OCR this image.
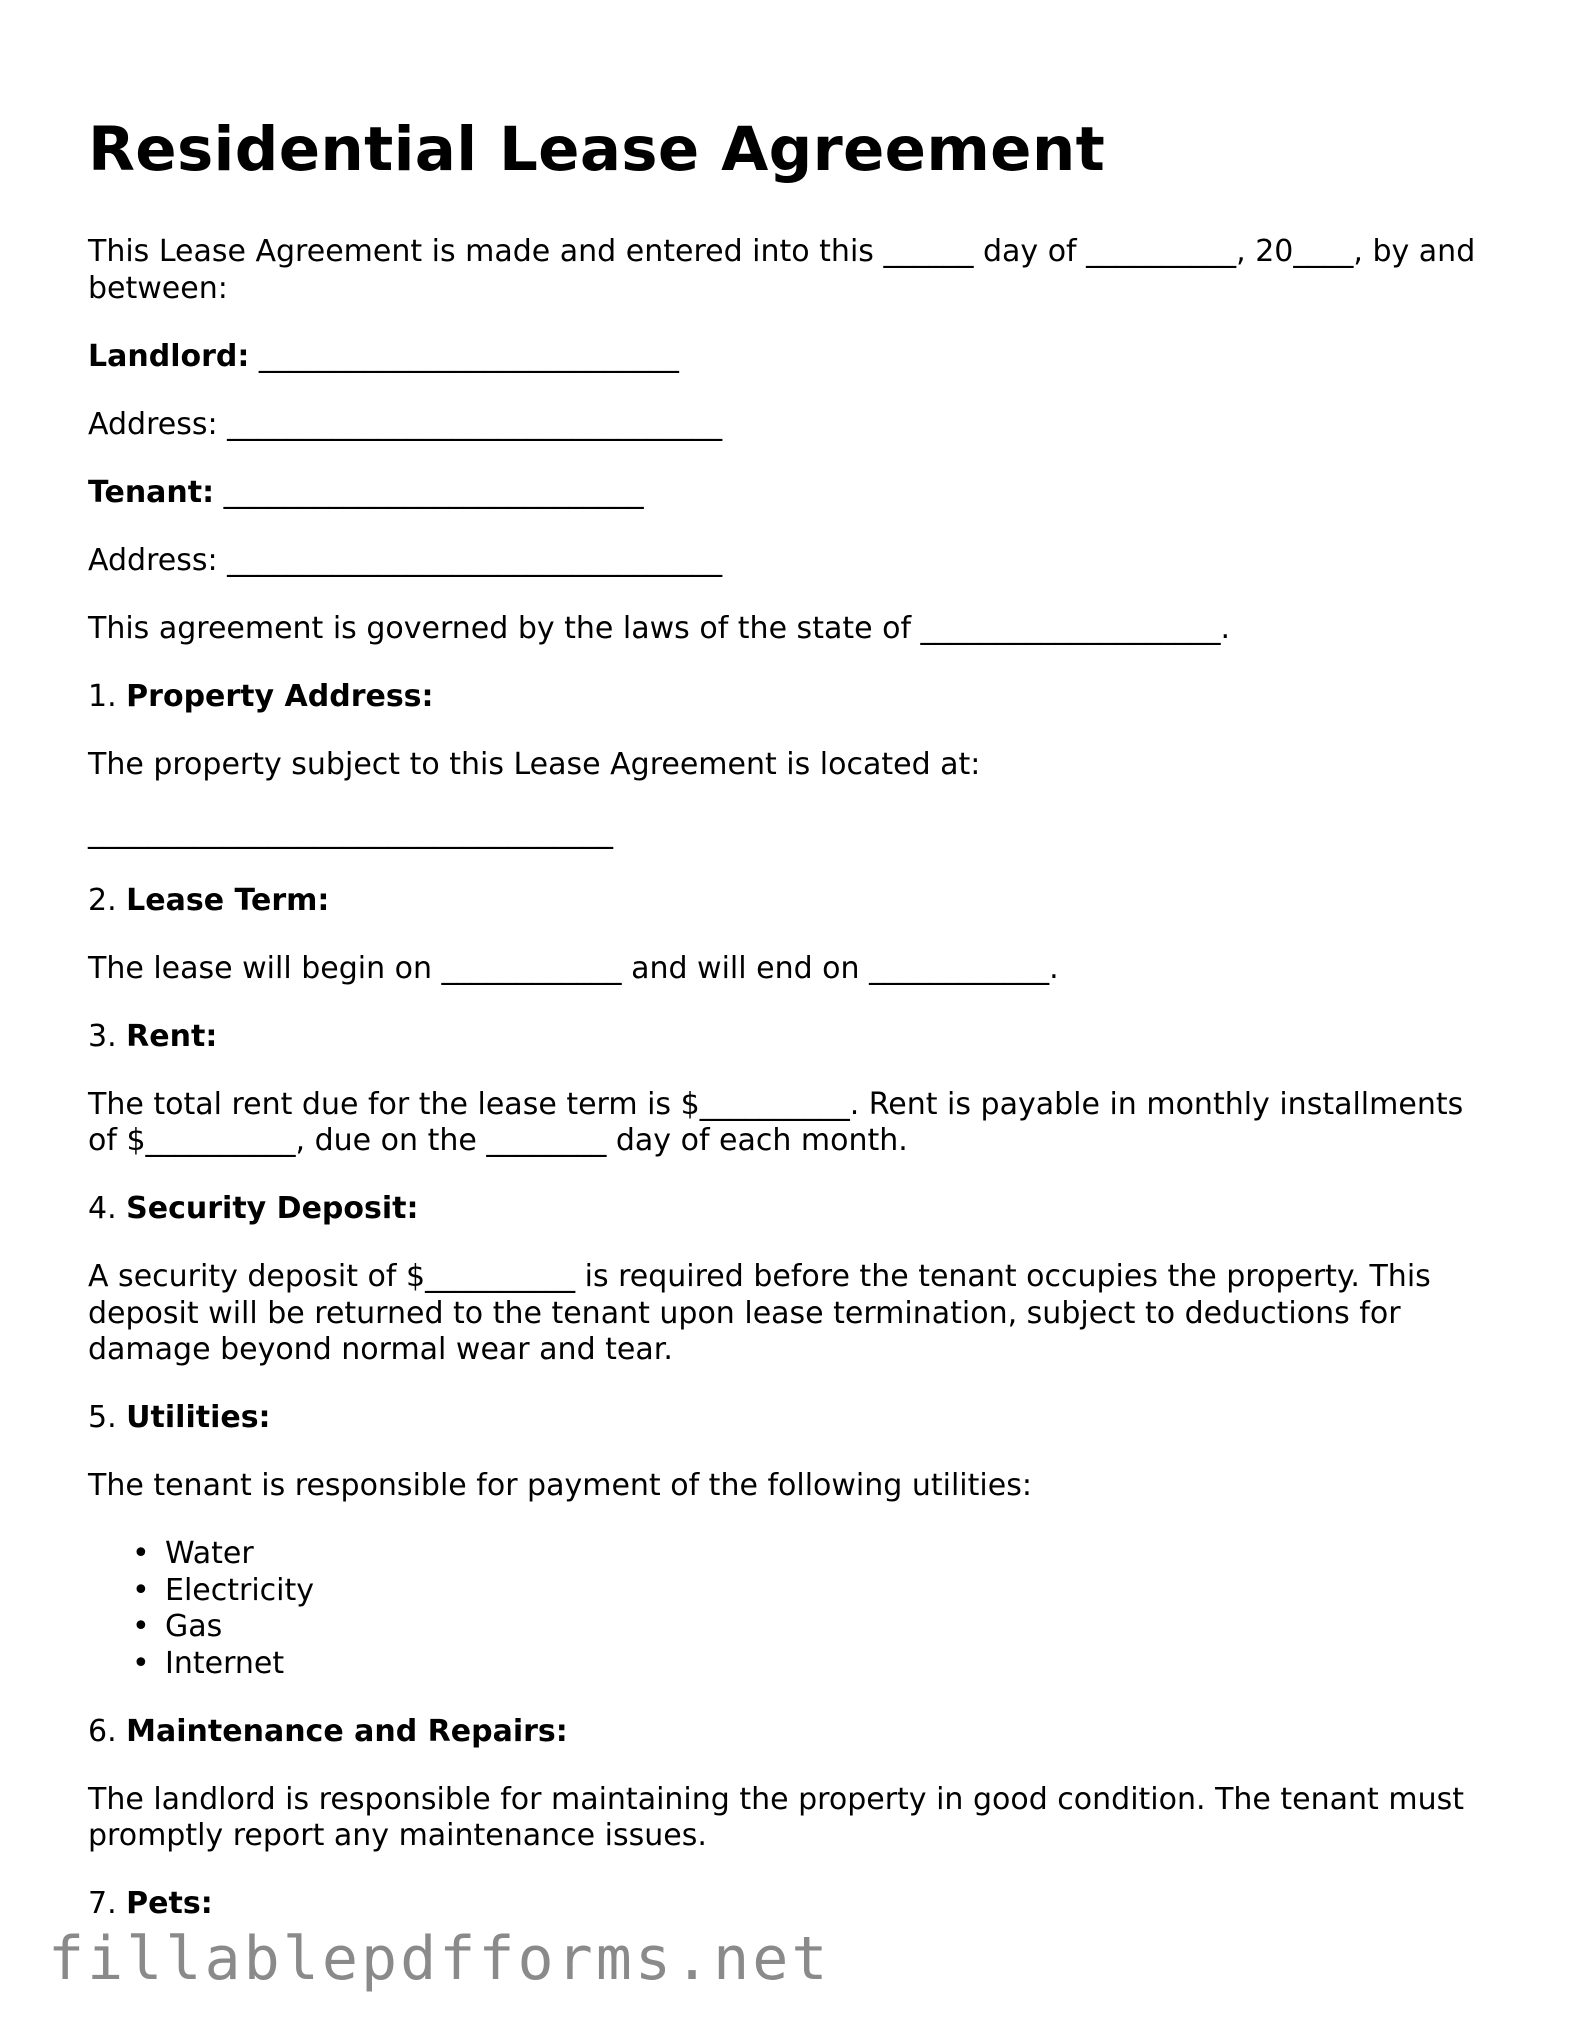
Residential Lease Agreement

This Lease Agreement is made and entered into this ______ day of __________, 20____, by and between:

Landlord: ____________________________

Address: _________________________________

Tenant: ____________________________

Address: _________________________________

This agreement is governed by the laws of the state of ____________________.

1. Property Address:

The property subject to this Lease Agreement is located at:

___________________________________

2. Lease Term:

The lease will begin on ____________ and will end on ____________.

3. Rent:

The total rent due for the lease term is $__________. Rent is payable in monthly installments of $__________, due on the ________ day of each month.

4. Security Deposit:

A security deposit of $__________ is required before the tenant occupies the property. This deposit will be returned to the tenant upon lease termination, subject to deductions for damage beyond normal wear and tear.

5. Utilities:

The tenant is responsible for payment of the following utilities:

• Water
• Electricity
• Gas
• Internet

6. Maintenance and Repairs:

The landlord is responsible for maintaining the property in good condition. The tenant must promptly report any maintenance issues.

7. Pets:

fillablepdfforms.net
